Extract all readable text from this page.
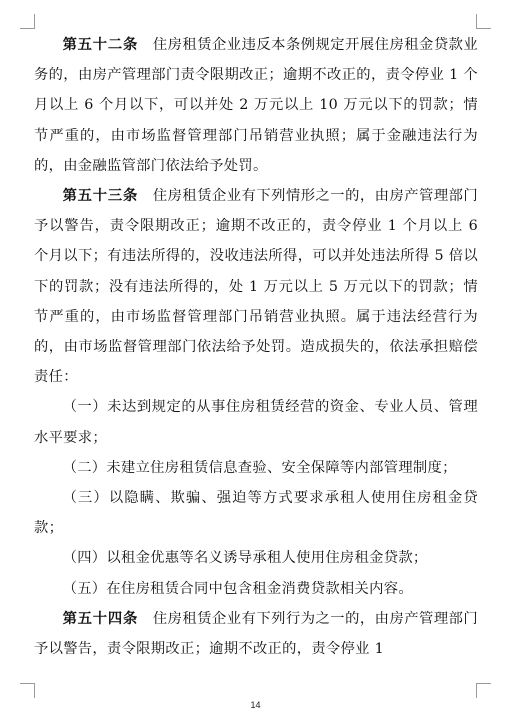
第五十二条　 住房租赁企业违反本条例规定开展住房租金贷款业务的，由房产管理部门责令限期改正；逾期不改正的，责令停业 1 个月以上 6 个月以下，可以并处 2 万元以上 10 万元以下的罚款；情节严重的，由市场监督管理部门吊销营业执照；属于金融违法行为的，由金融监管部门依法给予处罚。

第五十三条　 住房租赁企业有下列情形之一的，由房产管理部门予以警告，责令限期改正；逾期不改正的，责令停业 1 个月以上 6 个月以下；有违法所得的，没收违法所得，可以并处违法所得 5 倍以下的罚款；没有违法所得的，处 1 万元以上 5 万元以下的罚款；情节严重的，由市场监督管理部门吊销营业执照。属于违法经营行为的，由市场监督管理部门依法给予处罚。造成损失的，依法承担赔偿责任：

（一）未达到规定的从事住房租赁经营的资金、专业人员、管理水平要求；

（二）未建立住房租赁信息查验、安全保障等内部管理制度；

（三）以隐瞒、欺骗、强迫等方式要求承租人使用住房租金贷款；

（四）以租金优惠等名义诱导承租人使用住房租金贷款；

（五）在住房租赁合同中包含租金消费贷款相关内容。

第五十四条　 住房租赁企业有下列行为之一的，由房产管理部门予以警告，责令限期改正；逾期不改正的，责令停业 1

14
